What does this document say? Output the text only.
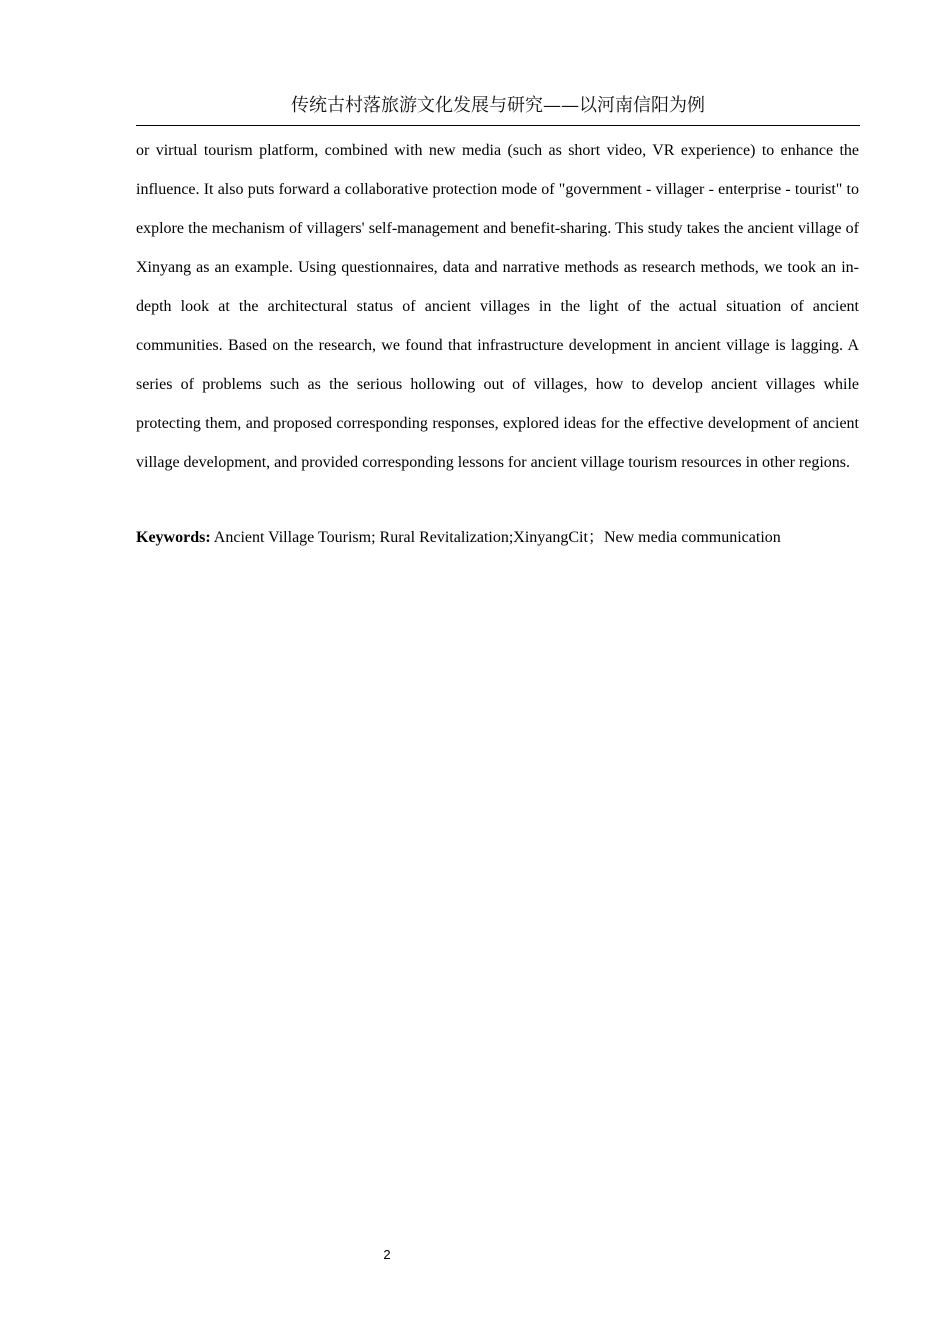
传统古村落旅游文化发展与研究——以河南信阳为例

or virtual tourism platform, combined with new media (such as short video, VR experience) to enhance the influence. It also puts forward a collaborative protection mode of "government - villager - enterprise - tourist" to explore the mechanism of villagers' self-management and benefit-sharing. This study takes the ancient village of Xinyang as an example. Using questionnaires, data and narrative methods as research methods, we took an in-depth look at the architectural status of ancient villages in the light of the actual situation of ancient communities. Based on the research, we found that infrastructure development in ancient village is lagging. A series of problems such as the serious hollowing out of villages, how to develop ancient villages while protecting them, and proposed corresponding responses, explored ideas for the effective development of ancient village development, and provided corresponding lessons for ancient village tourism resources in other regions.

Keywords: Ancient Village Tourism; Rural Revitalization;XinyangCit；New media communication

2
